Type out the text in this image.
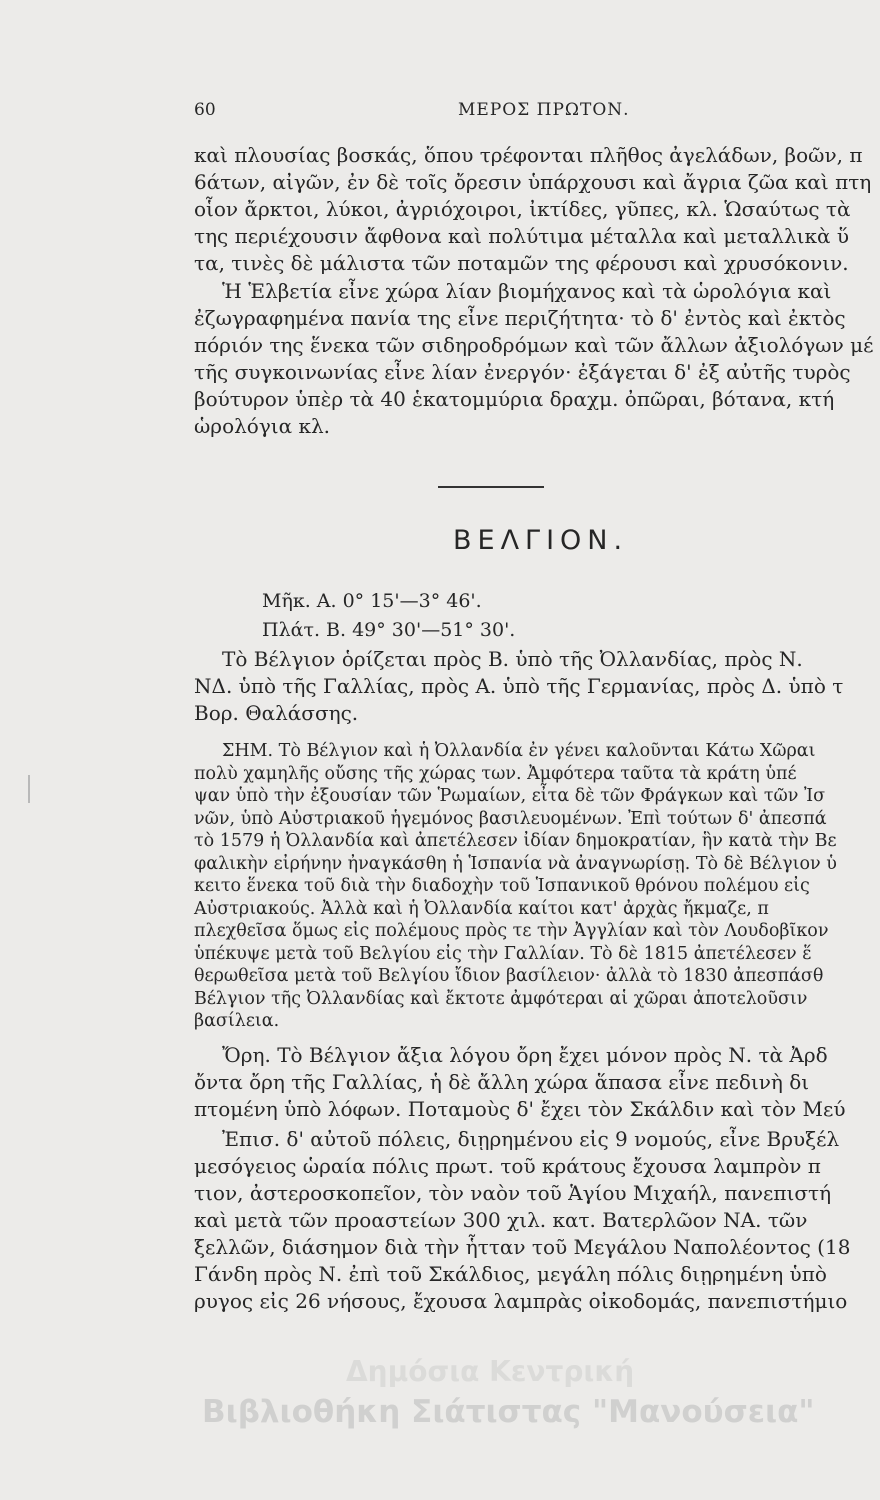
60	ΜΕΡΟΣ ΠΡΩΤΟΝ.

καὶ πλουσίας βοσκάς, ὅπου τρέφονται πλῆθος ἀγελάδων, βοῶν, π
6άτων, αἰγῶν, ἐν δὲ τοῖς ὄρεσιν ὑπάρχουσι καὶ ἄγρια ζῶα καὶ πτη
οἷον ἄρκτοι, λύκοι, ἀγριόχοιροι, ἰκτίδες, γῦπες, κλ. Ὡσαύτως τὰ
της περιέχουσιν ἄφθονα καὶ πολύτιμα μέταλλα καὶ μεταλλικὰ ὕ
τα, τινὲς δὲ μάλιστα τῶν ποταμῶν της φέρουσι καὶ χρυσόκονιν.

Ἡ Ἑλβετία εἶνε χώρα λίαν βιομήχανος καὶ τὰ ὡρολόγια καὶ
ἐζωγραφημένα πανία της εἶνε περιζήτητα· τὸ δ' ἐντὸς καὶ ἐκτὸς
πόριόν της ἕνεκα τῶν σιδηροδρόμων καὶ τῶν ἄλλων ἀξιολόγων μέ
τῆς συγκοινωνίας εἶνε λίαν ἐνεργόν· ἐξάγεται δ' ἐξ αὐτῆς τυρὸς
βούτυρον ὑπὲρ τὰ 40 ἑκατομμύρια δραχμ. ὀπῶραι, βότανα, κτή
ὡρολόγια κλ.

ΒΕΛΓΙΟΝ.

Μῆκ. Α. 0° 15'—3° 46'.

Πλάτ. Β. 49° 30'—51° 30'.

Τὸ Βέλγιον ὁρίζεται πρὸς Β. ὑπὸ τῆς Ὀλλανδίας, πρὸς Ν.
ΝΔ. ὑπὸ τῆς Γαλλίας, πρὸς Α. ὑπὸ τῆς Γερμανίας, πρὸς Δ. ὑπὸ τ
Βορ. Θαλάσσης.

ΣΗΜ. Τὸ Βέλγιον καὶ ἡ Ὀλλανδία ἐν γένει καλοῦνται Κάτω Χῶραι
πολὺ χαμηλῆς οὔσης τῆς χώρας των. Ἀμφότερα ταῦτα τὰ κράτη ὑπέ
ψαν ὑπὸ τὴν ἐξουσίαν τῶν Ῥωμαίων, εἶτα δὲ τῶν Φράγκων καὶ τῶν Ἰσ
νῶν, ὑπὸ Αὐστριακοῦ ἡγεμόνος βασιλευομένων. Ἐπὶ τούτων δ' ἀπεσπά
τὸ 1579 ἡ Ὀλλανδία καὶ ἀπετέλεσεν ἰδίαν δημοκρατίαν, ἣν κατὰ τὴν Βε
φαλικὴν εἰρήνην ἠναγκάσθη ἡ Ἱσπανία νὰ ἀναγνωρίσῃ. Τὸ δὲ Βέλγιον ὑ
κειτο ἕνεκα τοῦ διὰ τὴν διαδοχὴν τοῦ Ἱσπανικοῦ θρόνου πολέμου εἰς
Αὐστριακούς. Ἀλλὰ καὶ ἡ Ὀλλανδία καίτοι κατ' ἀρχὰς ἤκμαζε, π
πλεχθεῖσα ὅμως εἰς πολέμους πρὸς τε τὴν Ἀγγλίαν καὶ τὸν Λουδοβῖκον
ὑπέκυψε μετὰ τοῦ Βελγίου εἰς τὴν Γαλλίαν. Τὸ δὲ 1815 ἀπετέλεσεν ἕ
θερωθεῖσα μετὰ τοῦ Βελγίου ἴδιον βασίλειον· ἀλλὰ τὸ 1830 ἀπεσπάσθ
Βέλγιον τῆς Ὀλλανδίας καὶ ἔκτοτε ἀμφότεραι αἱ χῶραι ἀποτελοῦσιν
βασίλεια.

Ὄρη. Τὸ Βέλγιον ἄξια λόγου ὄρη ἔχει μόνον πρὸς Ν. τὰ Ἀρδ
ὄντα ὄρη τῆς Γαλλίας, ἡ δὲ ἄλλη χώρα ἅπασα εἶνε πεδινὴ δι
πτομένη ὑπὸ λόφων. Ποταμοὺς δ' ἔχει τὸν Σκάλδιν καὶ τὸν Μεύ

Ἐπισ. δ' αὐτοῦ πόλεις, διῃρημένου εἰς 9 νομούς, εἶνε Βρυξέλ
μεσόγειος ὡραία πόλις πρωτ. τοῦ κράτους ἔχουσα λαμπρὸν π
τιον, ἀστεροσκοπεῖον, τὸν ναὸν τοῦ Ἁγίου Μιχαήλ, πανεπιστή
καὶ μετὰ τῶν προαστείων 300 χιλ. κατ. Βατερλῶον ΝΑ. τῶν
ξελλῶν, διάσημον διὰ τὴν ἧτταν τοῦ Μεγάλου Ναπολέοντος (18
Γάνδη πρὸς Ν. ἐπὶ τοῦ Σκάλδιος, μεγάλη πόλις διῃρημένη ὑπὸ
ρυγος εἰς 26 νήσους, ἔχουσα λαμπρὰς οἰκοδομάς, πανεπιστήμιο

Δημόσια Κεντρική
Βιβλιοθήκη Σιάτιστας "Μανούσεια"
